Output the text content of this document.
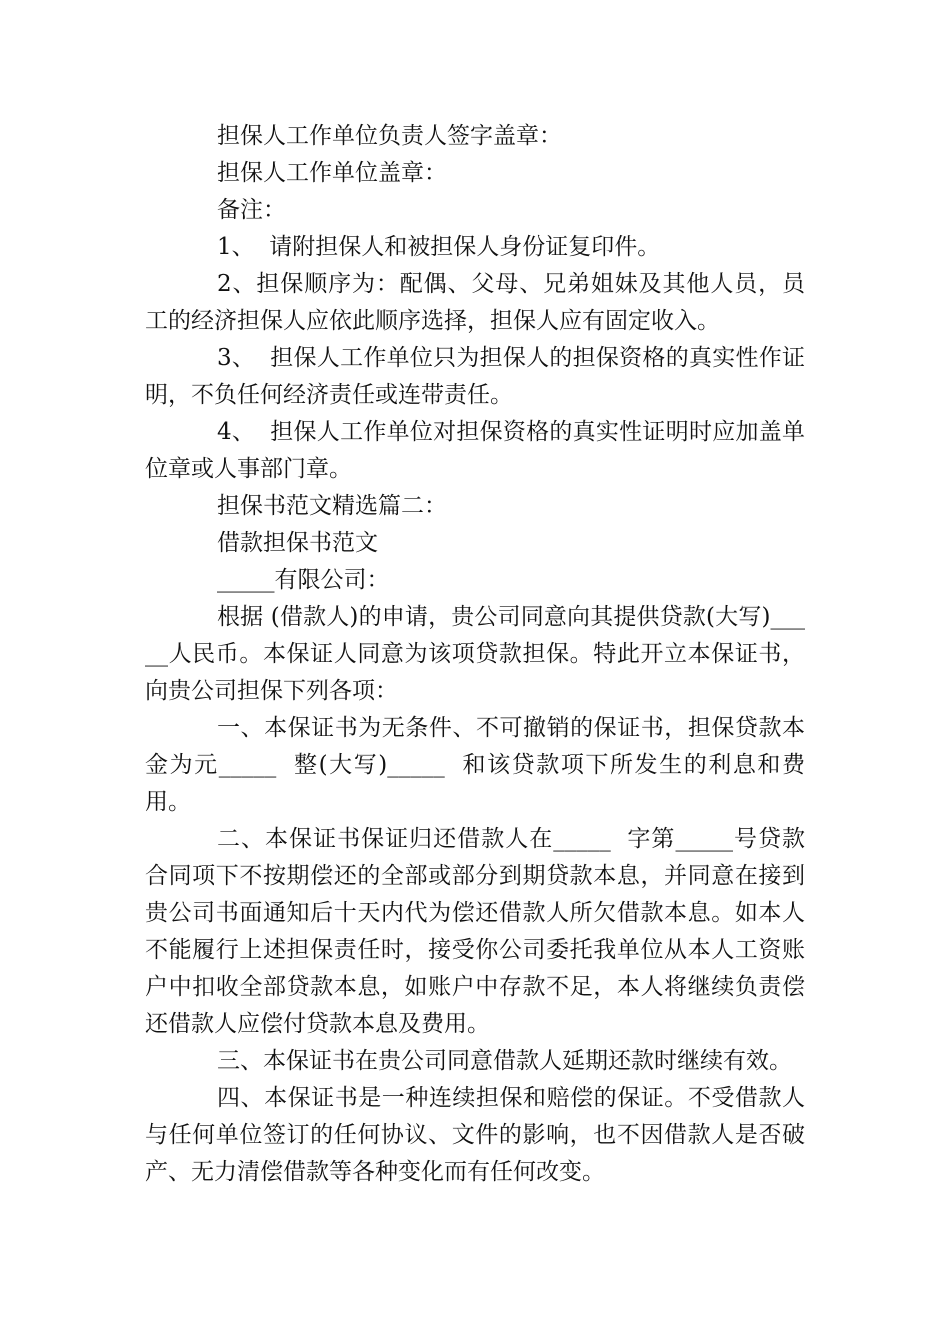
担保人工作单位负责人签字盖章：

担保人工作单位盖章：

备注：

1、  请附担保人和被担保人身份证复印件。

2、担保顺序为：配偶、父母、兄弟姐妹及其他人员，员工的经济担保人应依此顺序选择，担保人应有固定收入。

3、  担保人工作单位只为担保人的担保资格的真实性作证明，不负任何经济责任或连带责任。

4、  担保人工作单位对担保资格的真实性证明时应加盖单位章或人事部门章。

担保书范文精选篇二：

借款担保书范文

_____有限公司：

根据 (借款人)的申请，贵公司同意向其提供贷款(大写)_____人民币。本保证人同意为该项贷款担保。特此开立本保证书，向贵公司担保下列各项：

一、本保证书为无条件、不可撤销的保证书，担保贷款本金为元_____  整(大写)_____  和该贷款项下所发生的利息和费用。

二、本保证书保证归还借款人在_____  字第_____号贷款合同项下不按期偿还的全部或部分到期贷款本息，并同意在接到贵公司书面通知后十天内代为偿还借款人所欠借款本息。如本人不能履行上述担保责任时，接受你公司委托我单位从本人工资账户中扣收全部贷款本息，如账户中存款不足，本人将继续负责偿还借款人应偿付贷款本息及费用。

三、本保证书在贵公司同意借款人延期还款时继续有效。

四、本保证书是一种连续担保和赔偿的保证。不受借款人与任何单位签订的任何协议、文件的影响，也不因借款人是否破产、无力清偿借款等各种变化而有任何改变。
